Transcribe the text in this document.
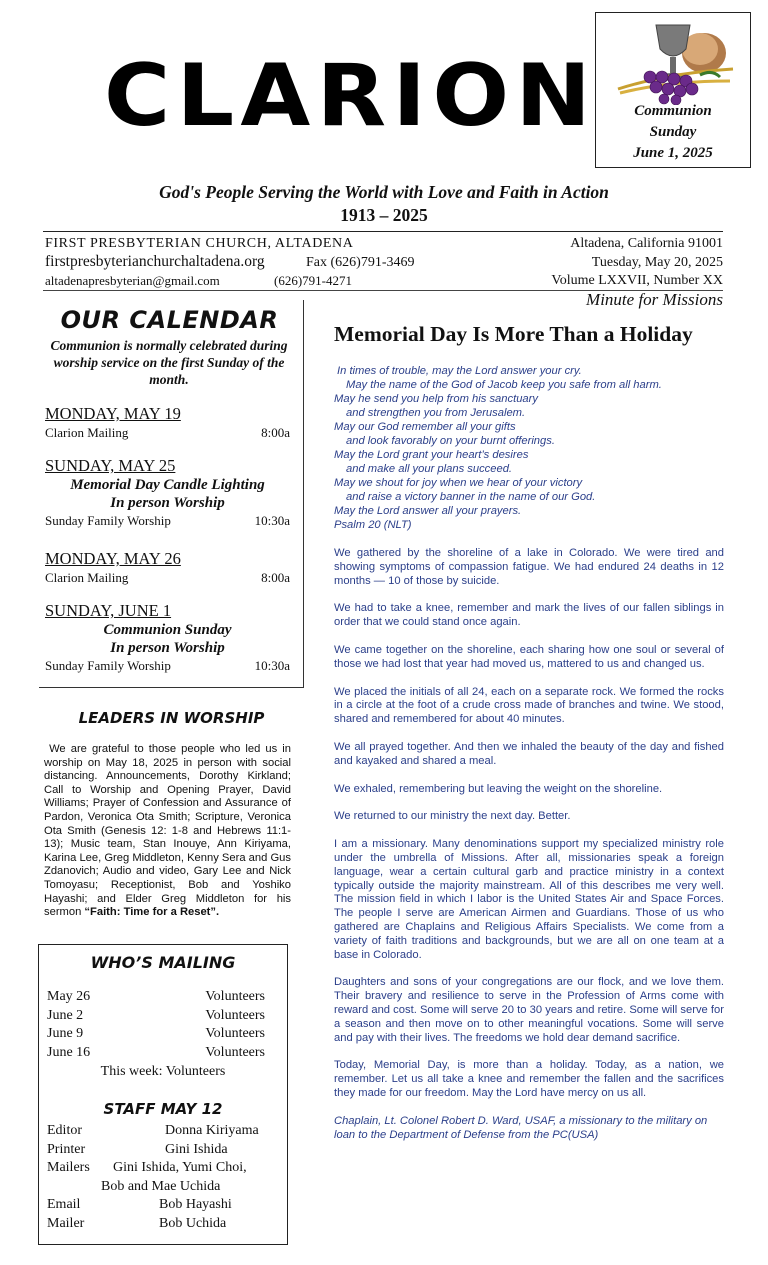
CLARION	Communion
Sunday
June 1, 2025
God's People Serving the World with Love and Faith in Action
1913 – 2025
FIRST PRESBYTERIAN CHURCH, ALTADENA	Altadena, California 91001
firstpresbyterianchurchaltadena.org	Fax (626)791-3469	Tuesday, May 20, 2025
altadenapresbyterian@gmail.com	(626)791-4271	Volume LXXVII, Number XX
Minute for Missions
OUR CALENDAR
Communion is normally celebrated during worship service on the first Sunday of the month.
MONDAY, MAY 19
Clarion Mailing	8:00a
SUNDAY, MAY 25
Memorial Day Candle Lighting
In person Worship
Sunday Family Worship	10:30a
MONDAY, MAY 26
Clarion Mailing	8:00a
SUNDAY, JUNE 1
Communion Sunday
In person Worship
Sunday Family Worship	10:30a
LEADERS IN WORSHIP
We are grateful to those people who led us in worship on May 18, 2025 in person with social distancing. Announcements, Dorothy Kirkland; Call to Worship and Opening Prayer, David Williams; Prayer of Confession and Assurance of Pardon, Veronica Ota Smith; Scripture, Veronica Ota Smith (Genesis 12: 1-8 and Hebrews 11:1-13); Music team, Stan Inouye, Ann Kiriyama, Karina Lee, Greg Middleton, Kenny Sera and Gus Zdanovich; Audio and video, Gary Lee and Nick Tomoyasu; Receptionist, Bob and Yoshiko Hayashi; and Elder Greg Middleton for his sermon “Faith: Time for a Reset”.
WHO’S MAILING
May 26	Volunteers
June 2	Volunteers
June 9	Volunteers
June 16	Volunteers
This week: Volunteers
STAFF MAY 12
Editor	Donna Kiriyama
Printer	Gini Ishida
Mailers Gini Ishida, Yumi Choi,
Bob and Mae Uchida
Email	Bob Hayashi
Mailer	Bob Uchida
Memorial Day Is More Than a Holiday
In times of trouble, may the Lord answer your cry.
May the name of the God of Jacob keep you safe from all harm.
May he send you help from his sanctuary
and strengthen you from Jerusalem.
May our God remember all your gifts
and look favorably on your burnt offerings.
May the Lord grant your heart’s desires
and make all your plans succeed.
May we shout for joy when we hear of your victory
and raise a victory banner in the name of our God.
May the Lord answer all your prayers.
Psalm 20 (NLT)

We gathered by the shoreline of a lake in Colorado. We were tired and showing symptoms of compassion fatigue. We had endured 24 deaths in 12 months — 10 of those by suicide.

We had to take a knee, remember and mark the lives of our fallen siblings in order that we could stand once again.

We came together on the shoreline, each sharing how one soul or several of those we had lost that year had moved us, mattered to us and changed us.

We placed the initials of all 24, each on a separate rock. We formed the rocks in a circle at the foot of a crude cross made of branches and twine. We stood, shared and remembered for about 40 minutes.

We all prayed together. And then we inhaled the beauty of the day and fished and kayaked and shared a meal.

We exhaled, remembering but leaving the weight on the shoreline.

We returned to our ministry the next day. Better.

I am a missionary. Many denominations support my specialized ministry role under the umbrella of Missions. After all, missionaries speak a foreign language, wear a certain cultural garb and practice ministry in a context typically outside the majority mainstream. All of this describes me very well. The mission field in which I labor is the United States Air and Space Forces. The people I serve are American Airmen and Guardians. Those of us who gathered are Chaplains and Religious Affairs Specialists. We come from a variety of faith traditions and backgrounds, but we are all on one team at a base in Colorado.

Daughters and sons of your congregations are our flock, and we love them. Their bravery and resilience to serve in the Profession of Arms come with reward and cost. Some will serve 20 to 30 years and retire. Some will serve for a season and then move on to other meaningful vocations. Some will serve and pay with their lives. The freedoms we hold dear demand sacrifice.

Today, Memorial Day, is more than a holiday. Today, as a nation, we remember. Let us all take a knee and remember the fallen and the sacrifices they made for our freedom. May the Lord have mercy on us all.

Chaplain, Lt. Colonel Robert D. Ward, USAF, a missionary to the military on loan to the Department of Defense from the PC(USA)
